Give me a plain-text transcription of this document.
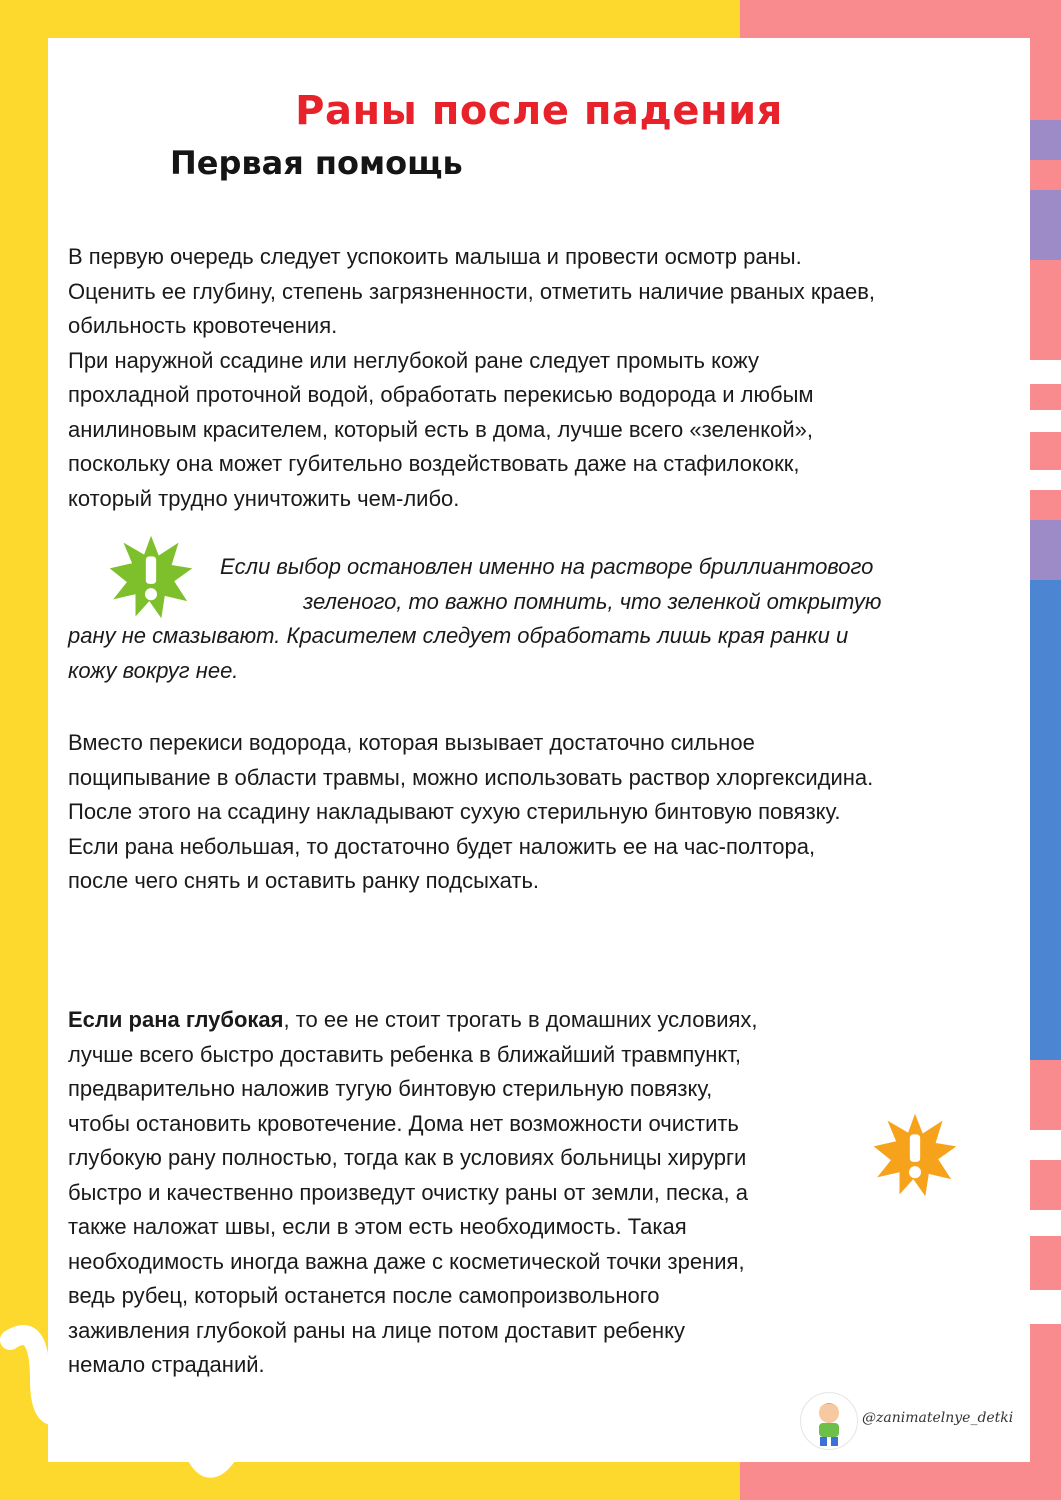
Раны после падения
Первая помощь

В первую очередь следует успокоить малыша и провести осмотр раны.
Оценить ее глубину, степень загрязненности, отметить наличие рваных краев,
обильность кровотечения.
При наружной ссадине или неглубокой ране следует промыть кожу
прохладной проточной водой, обработать перекисью водорода и любым
анилиновым красителем, который есть в дома, лучше всего «зеленкой»,
поскольку она может губительно воздействовать даже на стафилококк,
который трудно уничтожить чем-либо.

Если выбор остановлен именно на растворе бриллиантового
зеленого, то важно помнить, что зеленкой открытую
рану не смазывают. Красителем следует обработать лишь края ранки и
кожу вокруг нее.

Вместо перекиси водорода, которая вызывает достаточно сильное
пощипывание в области травмы, можно использовать раствор хлоргексидина.
После этого на ссадину накладывают сухую стерильную бинтовую повязку.
Если рана небольшая, то достаточно будет наложить ее на час-полтора,
после чего снять и оставить ранку подсыхать.

Если рана глубокая, то ее не стоит трогать в домашних условиях,
лучше всего быстро доставить ребенка в ближайший травмпункт,
предварительно наложив тугую бинтовую стерильную повязку,
чтобы остановить кровотечение. Дома нет возможности очистить
глубокую рану полностью, тогда как в условиях больницы хирурги
быстро и качественно произведут очистку раны от земли, песка, а
также наложат швы, если в этом есть необходимость. Такая
необходимость иногда важна даже с косметической точки зрения,
ведь рубец, который останется после самопроизвольного
заживления глубокой раны на лице потом доставит ребенку
немало страданий.

@zanimatelnye_detki
